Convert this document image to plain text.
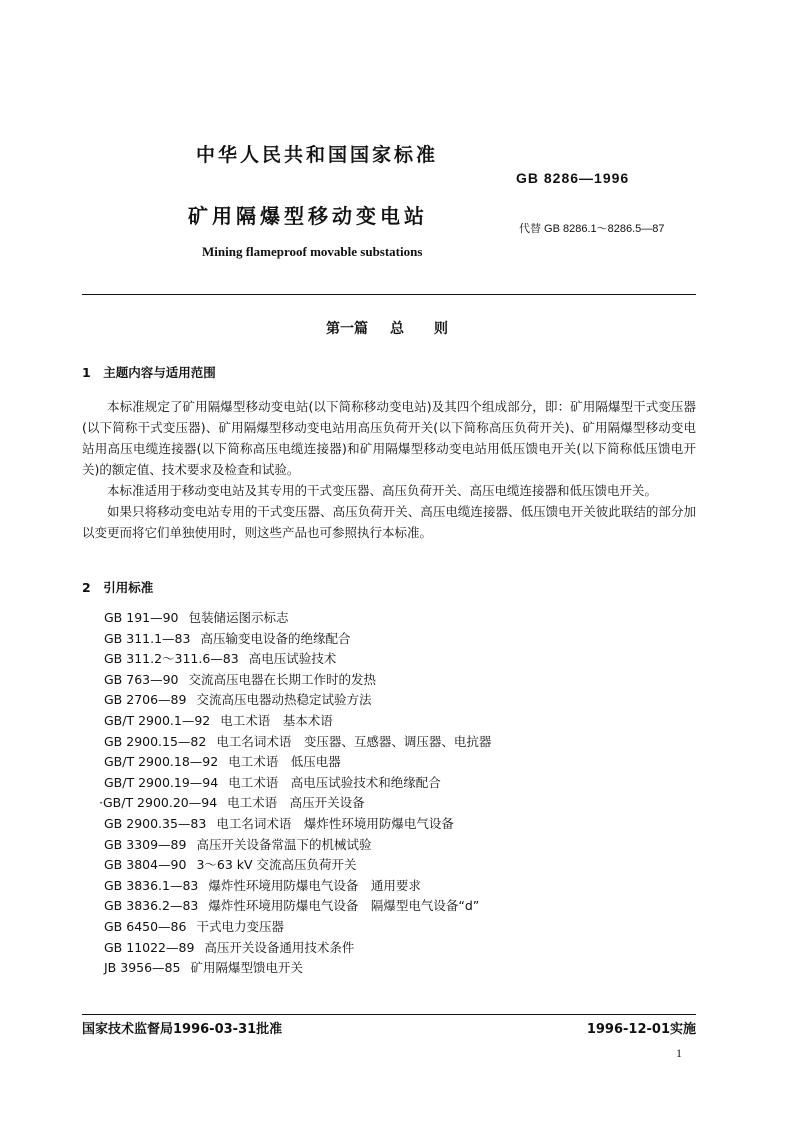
中华人民共和国国家标准
GB 8286—1996
矿用隔爆型移动变电站
代替 GB 8286.1～8286.5—87
Mining flameproof movable substations
第一篇 总 则
1　主题内容与适用范围

本标准规定了矿用隔爆型移动变电站(以下简称移动变电站)及其四个组成部分，即：矿用隔爆型干式变压器(以下简称干式变压器)、矿用隔爆型移动变电站用高压负荷开关(以下简称高压负荷开关)、矿用隔爆型移动变电站用高压电缆连接器(以下简称高压电缆连接器)和矿用隔爆型移动变电站用低压馈电开关(以下简称低压馈电开关)的额定值、技术要求及检查和试验。

本标准适用于移动变电站及其专用的干式变压器、高压负荷开关、高压电缆连接器和低压馈电开关。

如果只将移动变电站专用的干式变压器、高压负荷开关、高压电缆连接器、低压馈电开关彼此联结的部分加以变更而将它们单独使用时，则这些产品也可参照执行本标准。

2　引用标准
GB 191—90 包装储运图示标志
GB 311.1—83 高压输变电设备的绝缘配合
GB 311.2～311.6—83 高电压试验技术
GB 763—90 交流高压电器在长期工作时的发热
GB 2706—89 交流高压电器动热稳定试验方法
GB/T 2900.1—92 电工术语　基本术语
GB 2900.15—82 电工名词术语　变压器、互感器、调压器、电抗器
GB/T 2900.18—92 电工术语　低压电器
GB/T 2900.19—94 电工术语　高电压试验技术和绝缘配合
·GB/T 2900.20—94 电工术语　高压开关设备
GB 2900.35—83 电工名词术语　爆炸性环境用防爆电气设备
GB 3309—89 高压开关设备常温下的机械试验
GB 3804—90 3～63 kV 交流高压负荷开关
GB 3836.1—83 爆炸性环境用防爆电气设备　通用要求
GB 3836.2—83 爆炸性环境用防爆电气设备　隔爆型电气设备“d”
GB 6450—86 干式电力变压器
GB 11022—89 高压开关设备通用技术条件
JB 3956—85 矿用隔爆型馈电开关
国家技术监督局1996-03-31批准	1996-12-01实施
1
